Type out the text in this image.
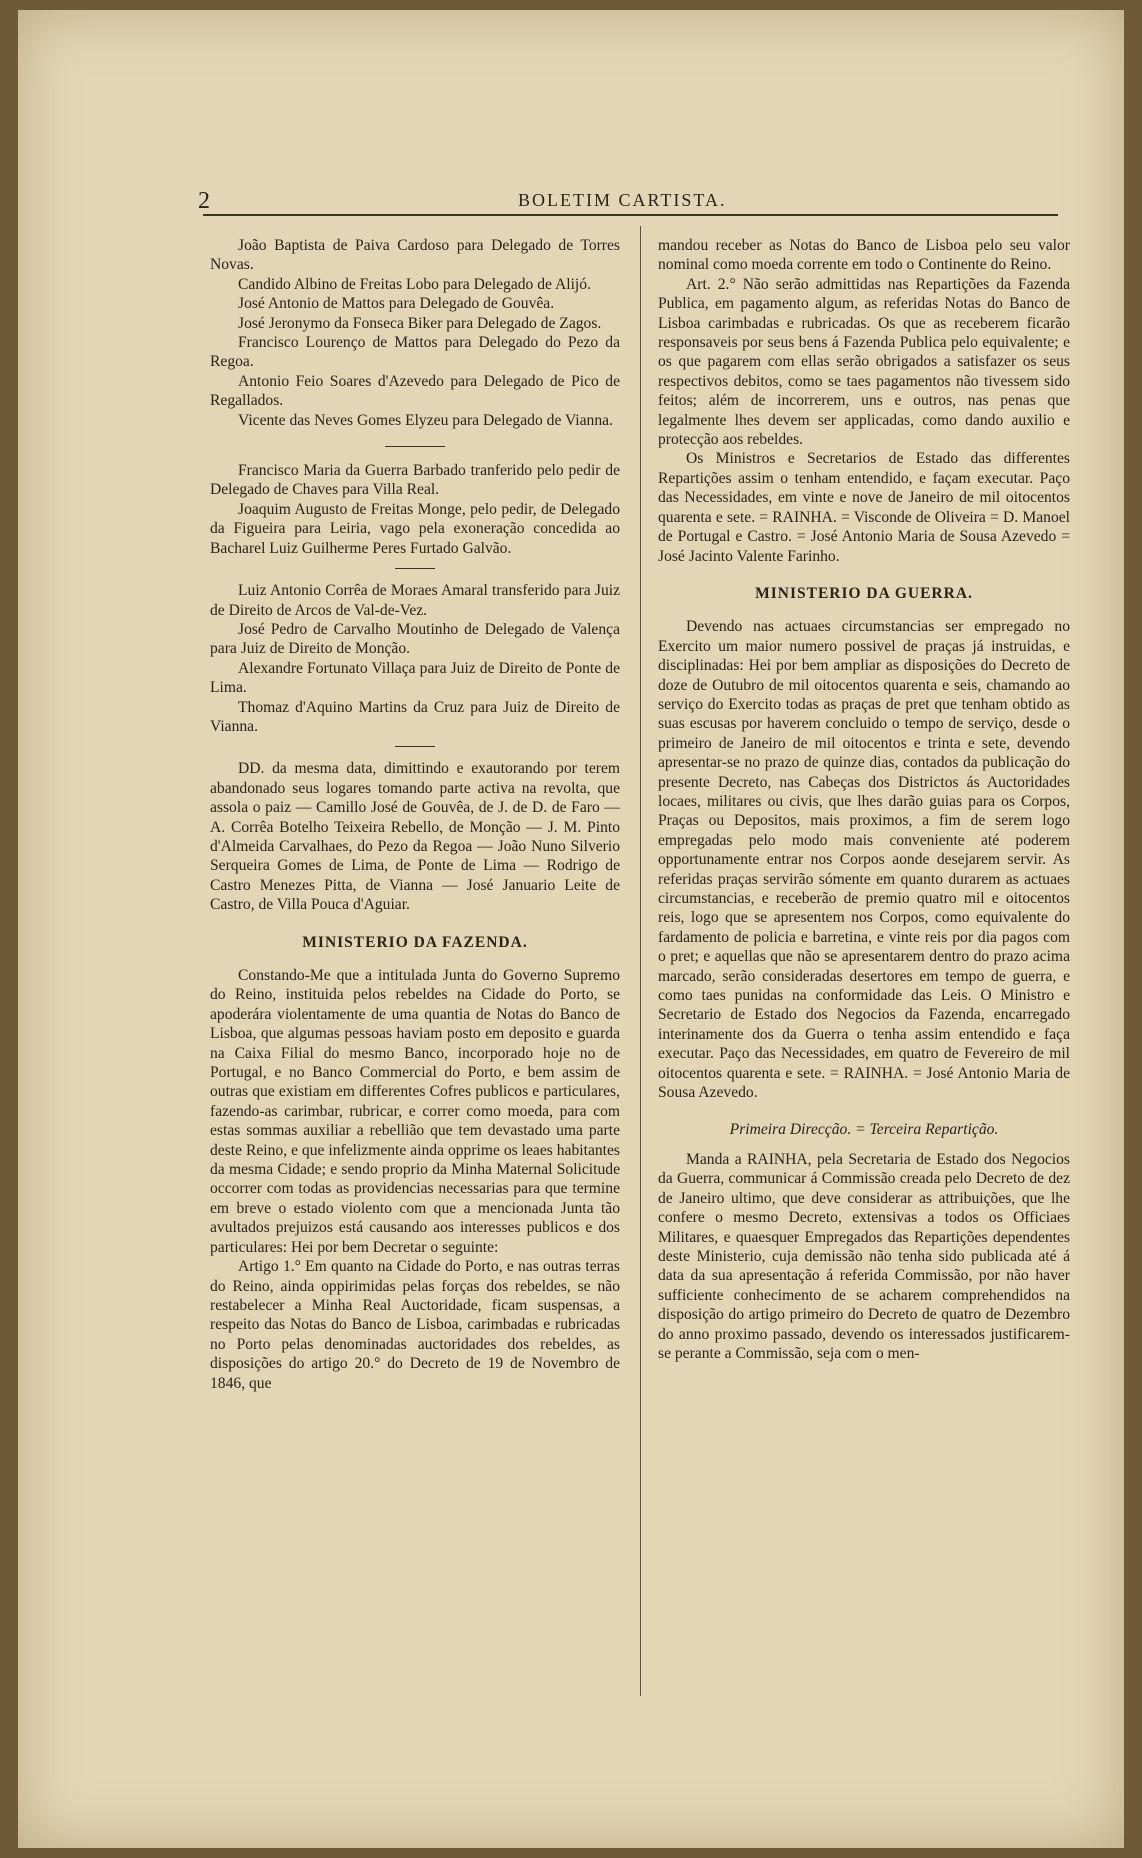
2	BOLETIM CARTISTA.

João Baptista de Paiva Cardoso para Delegado de Torres Novas.

Candido Albino de Freitas Lobo para Delegado de Alijó.

José Antonio de Mattos para Delegado de Gouvêa.

José Jeronymo da Fonseca Biker para Delegado de Zagos.

Francisco Lourenço de Mattos para Delegado do Pezo da Regoa.

Antonio Feio Soares d'Azevedo para Delegado de Pico de Regallados.

Vicente das Neves Gomes Elyzeu para Delegado de Vianna.

Francisco Maria da Guerra Barbado tranferido pelo pedir de Delegado de Chaves para Villa Real.

Joaquim Augusto de Freitas Monge, pelo pedir, de Delegado da Figueira para Leiria, vago pela exoneração concedida ao Bacharel Luiz Guilherme Peres Furtado Galvão.

Luiz Antonio Corrêa de Moraes Amaral transferido para Juiz de Direito de Arcos de Val-de-Vez.

José Pedro de Carvalho Moutinho de Delegado de Valença para Juiz de Direito de Monção.

Alexandre Fortunato Villaça para Juiz de Direito de Ponte de Lima.

Thomaz d'Aquino Martins da Cruz para Juiz de Direito de Vianna.

DD. da mesma data, dimittindo e exautorando por terem abandonado seus logares tomando parte activa na revolta, que assola o paiz — Camillo José de Gouvêa, de J. de D. de Faro — A. Corrêa Botelho Teixeira Rebello, de Monção — J. M. Pinto d'Almeida Carvalhaes, do Pezo da Regoa — João Nuno Silverio Serqueira Gomes de Lima, de Ponte de Lima — Rodrigo de Castro Menezes Pitta, de Vianna — José Januario Leite de Castro, de Villa Pouca d'Aguiar.

MINISTERIO DA FAZENDA.

Constando-Me que a intitulada Junta do Governo Supremo do Reino, instituida pelos rebeldes na Cidade do Porto, se apoderára violentamente de uma quantia de Notas do Banco de Lisboa, que algumas pessoas haviam posto em deposito e guarda na Caixa Filial do mesmo Banco, incorporado hoje no de Portugal, e no Banco Commercial do Porto, e bem assim de outras que existiam em differentes Cofres publicos e particulares, fazendo-as carimbar, rubricar, e correr como moeda, para com estas sommas auxiliar a rebellião que tem devastado uma parte deste Reino, e que infelizmente ainda opprime os leaes habitantes da mesma Cidade; e sendo proprio da Minha Maternal Solicitude occorrer com todas as providencias necessarias para que termine em breve o estado violento com que a mencionada Junta tão avultados prejuizos está causando aos interesses publicos e dos particulares: Hei por bem Decretar o seguinte:

Artigo 1.° Em quanto na Cidade do Porto, e nas outras terras do Reino, ainda oppirimidas pelas forças dos rebeldes, se não restabelecer a Minha Real Auctoridade, ficam suspensas, a respeito das Notas do Banco de Lisboa, carimbadas e rubricadas no Porto pelas denominadas auctoridades dos rebeldes, as disposições do artigo 20.° do Decreto de 19 de Novembro de 1846, que

mandou receber as Notas do Banco de Lisboa pelo seu valor nominal como moeda corrente em todo o Continente do Reino.

Art. 2.° Não serão admittidas nas Repartições da Fazenda Publica, em pagamento algum, as referidas Notas do Banco de Lisboa carimbadas e rubricadas. Os que as receberem ficarão responsaveis por seus bens á Fazenda Publica pelo equivalente; e os que pagarem com ellas serão obrigados a satisfazer os seus respectivos debitos, como se taes pagamentos não tivessem sido feitos; além de incorrerem, uns e outros, nas penas que legalmente lhes devem ser applicadas, como dando auxilio e protecção aos rebeldes.

Os Ministros e Secretarios de Estado das differentes Repartições assim o tenham entendido, e façam executar. Paço das Necessidades, em vinte e nove de Janeiro de mil oitocentos quarenta e sete. = RAINHA. = Visconde de Oliveira = D. Manoel de Portugal e Castro. = José Antonio Maria de Sousa Azevedo = José Jacinto Valente Farinho.

MINISTERIO DA GUERRA.

Devendo nas actuaes circumstancias ser empregado no Exercito um maior numero possivel de praças já instruidas, e disciplinadas: Hei por bem ampliar as disposições do Decreto de doze de Outubro de mil oitocentos quarenta e seis, chamando ao serviço do Exercito todas as praças de pret que tenham obtido as suas escusas por haverem concluido o tempo de serviço, desde o primeiro de Janeiro de mil oitocentos e trinta e sete, devendo apresentar-se no prazo de quinze dias, contados da publicação do presente Decreto, nas Cabeças dos Districtos ás Auctoridades locaes, militares ou civis, que lhes darão guias para os Corpos, Praças ou Depositos, mais proximos, a fim de serem logo empregadas pelo modo mais conveniente até poderem opportunamente entrar nos Corpos aonde desejarem servir. As referidas praças servirão sómente em quanto durarem as actuaes circumstancias, e receberão de premio quatro mil e oitocentos reis, logo que se apresentem nos Corpos, como equivalente do fardamento de policia e barretina, e vinte reis por dia pagos com o pret; e aquellas que não se apresentarem dentro do prazo acima marcado, serão consideradas desertores em tempo de guerra, e como taes punidas na conformidade das Leis. O Ministro e Secretario de Estado dos Negocios da Fazenda, encarregado interinamente dos da Guerra o tenha assim entendido e faça executar. Paço das Necessidades, em quatro de Fevereiro de mil oitocentos quarenta e sete. = RAINHA. = José Antonio Maria de Sousa Azevedo.

Primeira Direcção. = Terceira Repartição.

Manda a RAINHA, pela Secretaria de Estado dos Negocios da Guerra, communicar á Commissão creada pelo Decreto de dez de Janeiro ultimo, que deve considerar as attribuições, que lhe confere o mesmo Decreto, extensivas a todos os Officiaes Militares, e quaesquer Empregados das Repartições dependentes deste Ministerio, cuja demissão não tenha sido publicada até á data da sua apresentação á referida Commissão, por não haver sufficiente conhecimento de se acharem comprehendidos na disposição do artigo primeiro do Decreto de quatro de Dezembro do anno proximo passado, devendo os interessados justificarem-se perante a Commissão, seja com o men-
